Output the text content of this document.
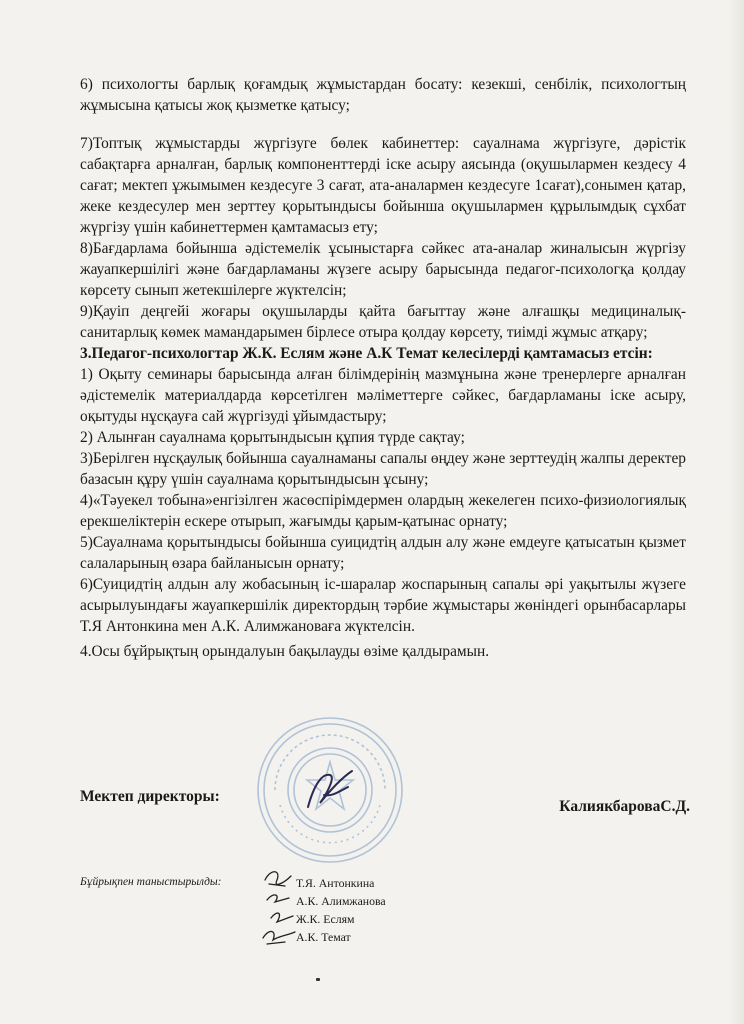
6) психологты барлық қоғамдық жұмыстардан босату: кезекші, сенбілік, психологтың жұмысына қатысы жоқ қызметке қатысу;

7)Топтық жұмыстарды жүргізуге бөлек кабинеттер: сауалнама жүргізуге, дәрістік сабақтарға арналған, барлық компоненттерді іске асыру аясында (оқушылармен кездесу 4 сағат; мектеп ұжымымен кездесуге 3 сағат, ата-аналармен кездесуге 1сағат),сонымен қатар, жеке кездесулер мен зерттеу қорытындысы бойынша оқушылармен құрылымдық сұхбат жүргізу үшін кабинеттермен қамтамасыз ету;

8)Бағдарлама бойынша әдістемелік ұсыныстарға сәйкес ата-аналар жиналысын жүргізу жауапкершілігі және бағдарламаны жүзеге асыру барысында педагог-психологқа қолдау көрсету сынып жетекшілерге жүктелсін;

9)Қауіп деңгейі жоғары оқушыларды қайта бағыттау және алғашқы медициналық-санитарлық көмек мамандарымен бірлесе отыра қолдау көрсету, тиімді жұмыс атқару;

3.Педагог-психологтар Ж.К. Еслям және А.К Темат келесілерді қамтамасыз етсін:

1) Оқыту семинары барысында алған білімдерінің мазмұнына және тренерлерге арналған әдістемелік материалдарда көрсетілген мәліметтерге сәйкес, бағдарламаны іске асыру, оқытуды нұсқауға сай жүргізуді ұйымдастыру;

2) Алынған сауалнама қорытындысын құпия түрде сақтау;

3)Берілген нұсқаулық бойынша сауалнаманы сапалы өңдеу және зерттеудің жалпы деректер базасын құру үшін сауалнама қорытындысын ұсыну;

4)«Тәуекел тобына»енгізілген жасөспірімдермен олардың жекелеген психо-физиологиялық ерекшеліктерін ескере отырып, жағымды қарым-қатынас орнату;

5)Сауалнама қорытындысы бойынша суицидтің алдын алу және емдеуге қатысатын қызмет салаларының өзара байланысын орнату;

6)Суицидтің алдын алу жобасының іс-шаралар жоспарының сапалы әрі уақытылы жүзеге асырылуындағы жауапкершілік директордың тәрбие жұмыстары жөніндегі орынбасарлары Т.Я Антонкина мен А.К. Алимжановаға жүктелсін.

4.Осы бұйрықтың орындалуын бақылауды өзіме қалдырамын.

Мектеп директоры:
КалиякбароваС.Д.
Бұйрықпен таныстырылды:	Т.Я. Антонкина
А.К. Алимжанова
Ж.К. Еслям
А.К. Темат
